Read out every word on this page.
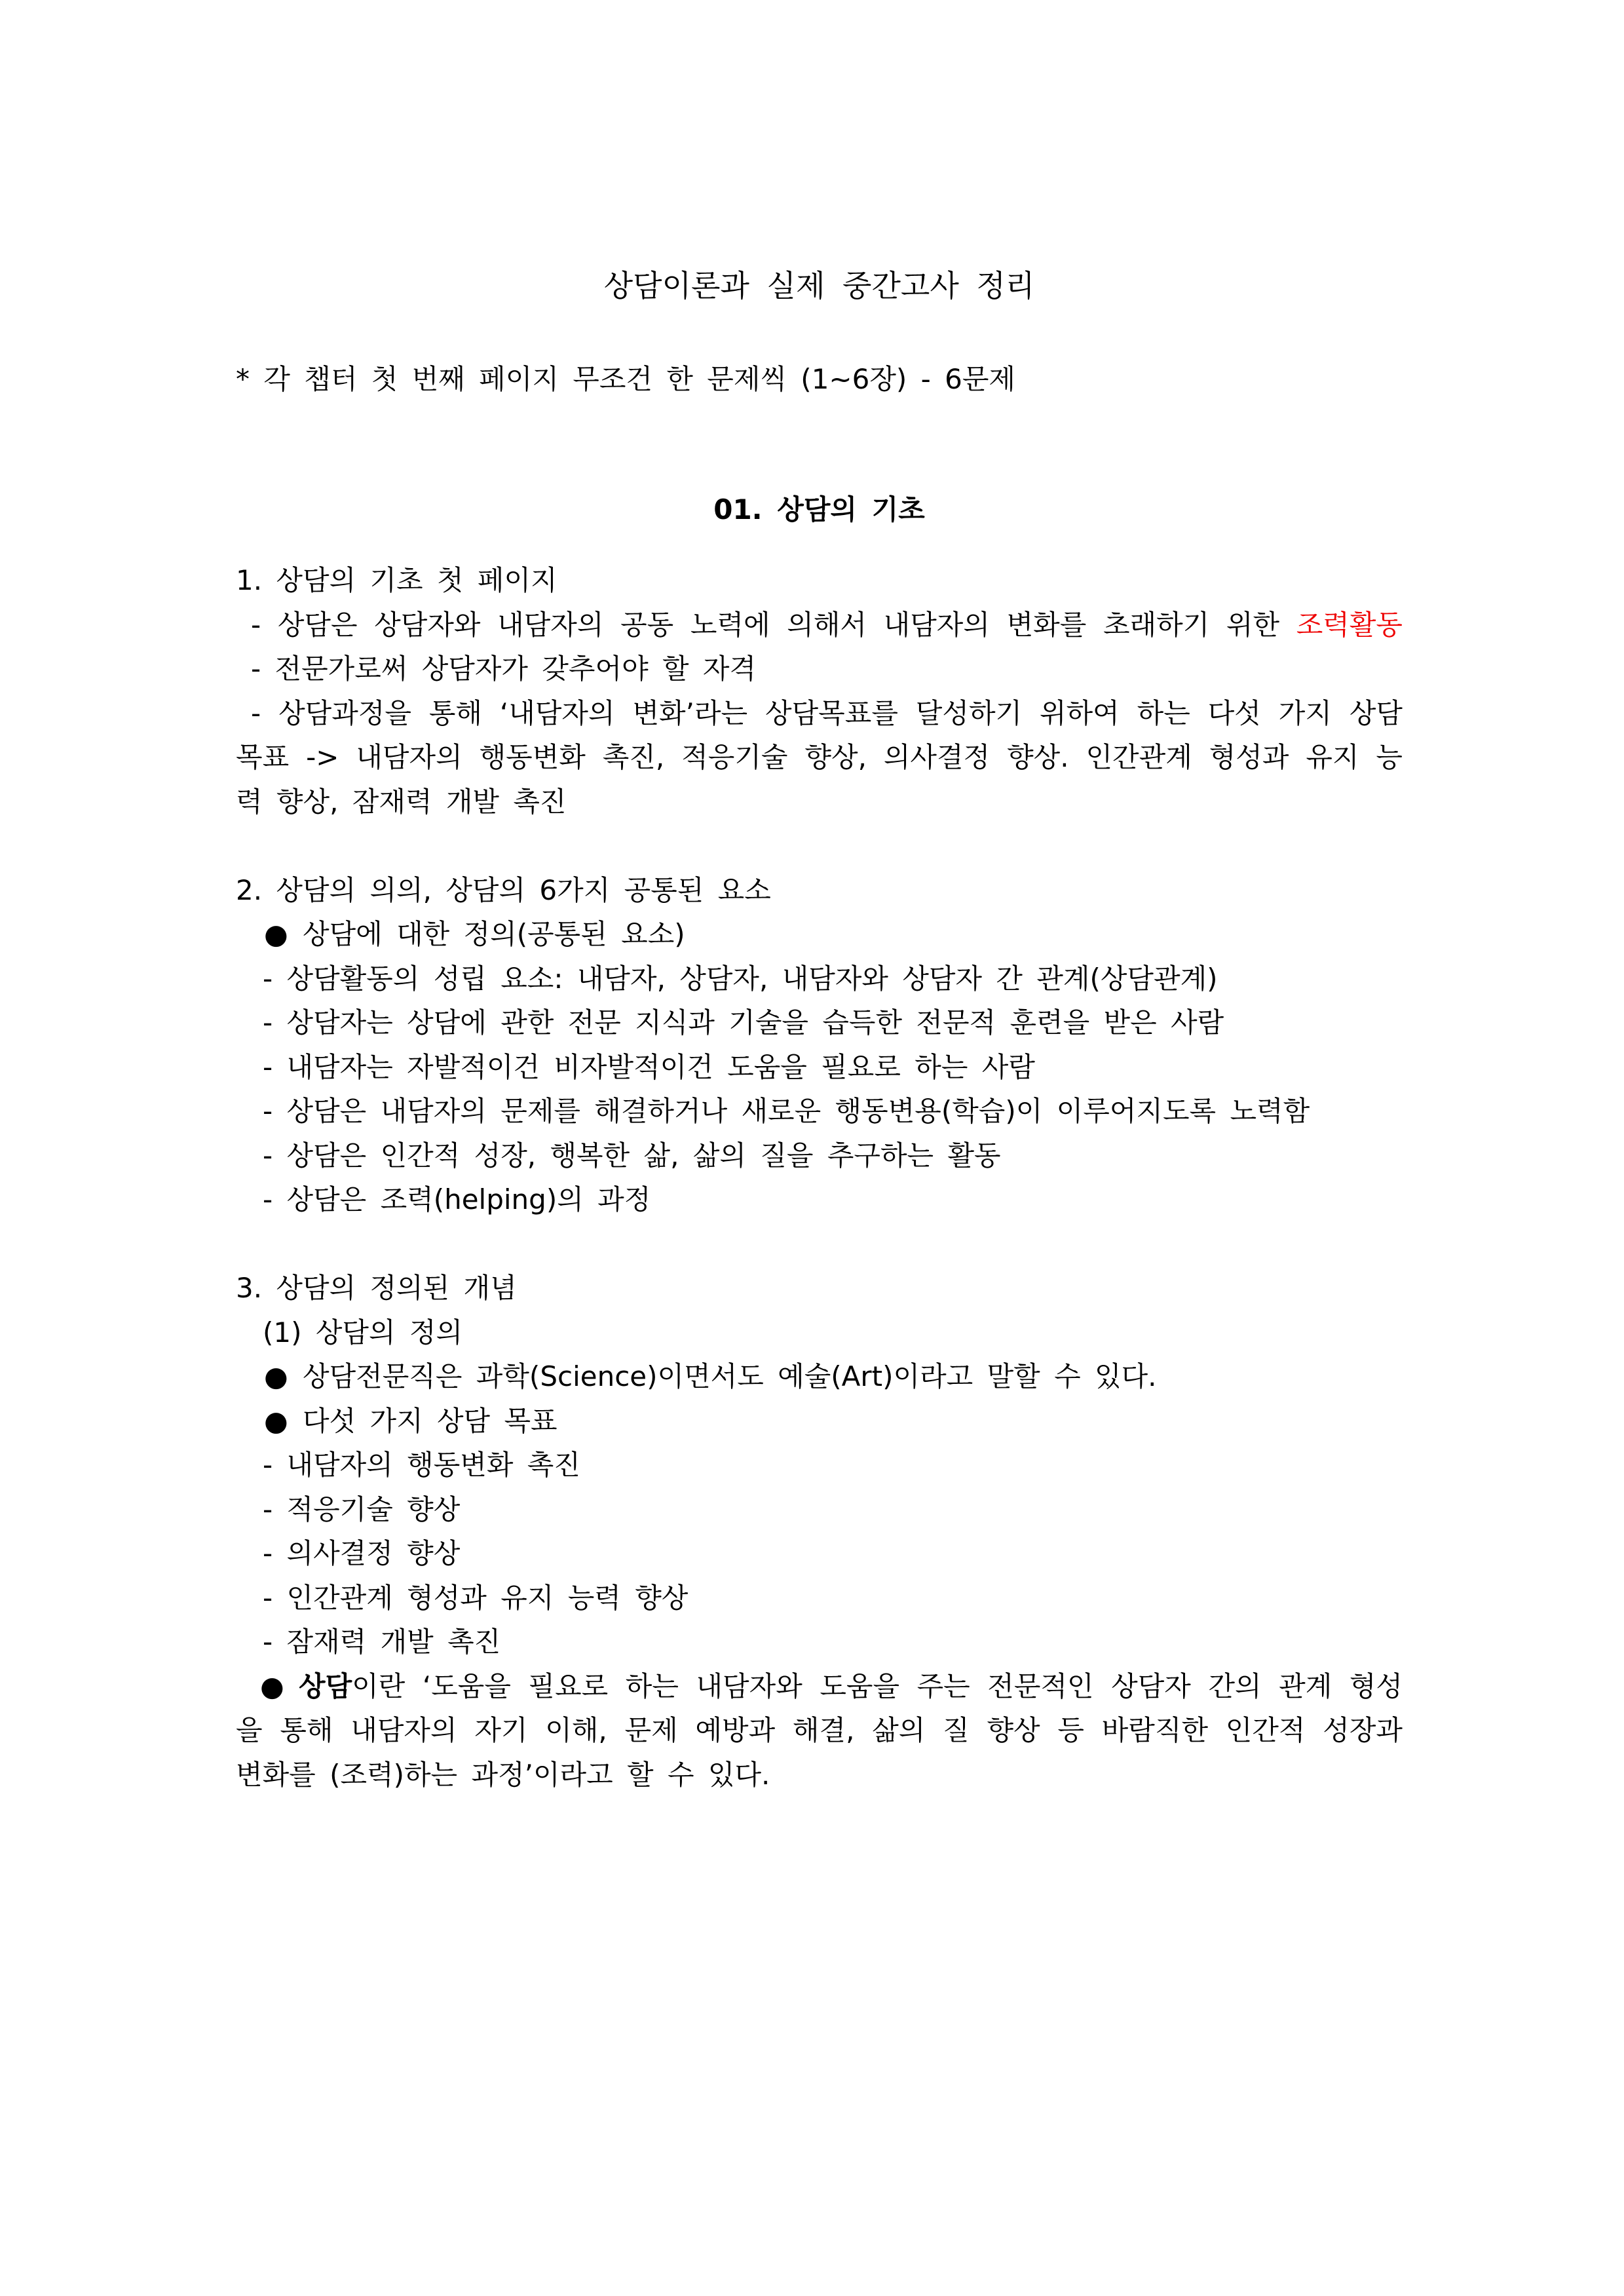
상담이론과 실제 중간고사 정리
* 각 챕터 첫 번째 페이지 무조건 한 문제씩 (1~6장) - 6문제
01. 상담의 기초
1. 상담의 기초 첫 페이지
- 상담은 상담자와 내담자의 공동 노력에 의해서 내담자의 변화를 초래하기 위한 조력활동
- 전문가로써 상담자가 갖추어야 할 자격
- 상담과정을 통해 ‘내담자의 변화’라는 상담목표를 달성하기 위하여 하는 다섯 가지 상담
목표 -> 내담자의 행동변화 촉진, 적응기술 향상, 의사결정 향상. 인간관계 형성과 유지 능
력 향상, 잠재력 개발 촉진
2. 상담의 의의, 상담의 6가지 공통된 요소
● 상담에 대한 정의(공통된 요소)
- 상담활동의 성립 요소: 내담자, 상담자, 내담자와 상담자 간 관계(상담관계)
- 상담자는 상담에 관한 전문 지식과 기술을 습득한 전문적 훈련을 받은 사람
- 내담자는 자발적이건 비자발적이건 도움을 필요로 하는 사람
- 상담은 내담자의 문제를 해결하거나 새로운 행동변용(학습)이 이루어지도록 노력함
- 상담은 인간적 성장, 행복한 삶, 삶의 질을 추구하는 활동
- 상담은 조력(helping)의 과정
3. 상담의 정의된 개념
(1) 상담의 정의
● 상담전문직은 과학(Science)이면서도 예술(Art)이라고 말할 수 있다.
● 다섯 가지 상담 목표
- 내담자의 행동변화 촉진
- 적응기술 향상
- 의사결정 향상
- 인간관계 형성과 유지 능력 향상
- 잠재력 개발 촉진
● 상담이란 ‘도움을 필요로 하는 내담자와 도움을 주는 전문적인 상담자 간의 관계 형성
을 통해 내담자의 자기 이해, 문제 예방과 해결, 삶의 질 향상 등 바람직한 인간적 성장과
변화를 (조력)하는 과정’이라고 할 수 있다.
